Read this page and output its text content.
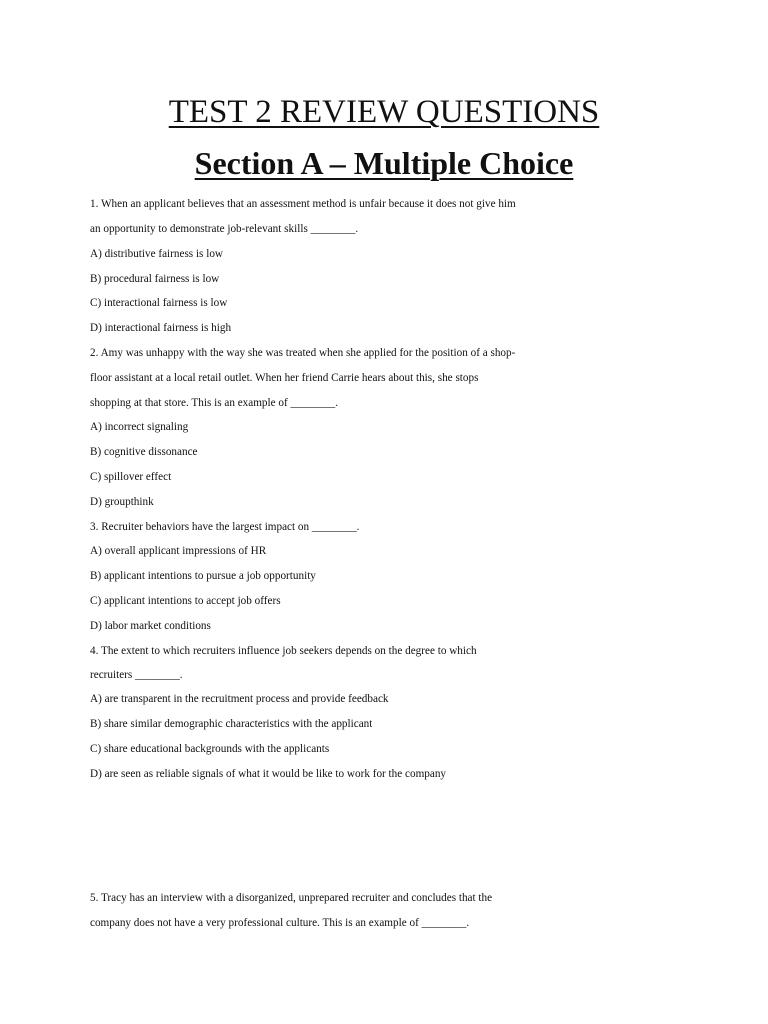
TEST 2 REVIEW QUESTIONS
Section A – Multiple Choice
1. When an applicant believes that an assessment method is unfair because it does not give him
an opportunity to demonstrate job-relevant skills ________.
A) distributive fairness is low
B) procedural fairness is low
C) interactional fairness is low
D) interactional fairness is high
2. Amy was unhappy with the way she was treated when she applied for the position of a shop-
floor assistant at a local retail outlet. When her friend Carrie hears about this, she stops
shopping at that store. This is an example of ________.
A) incorrect signaling
B) cognitive dissonance
C) spillover effect
D) groupthink
3. Recruiter behaviors have the largest impact on ________.
A) overall applicant impressions of HR
B) applicant intentions to pursue a job opportunity
C) applicant intentions to accept job offers
D) labor market conditions
4. The extent to which recruiters influence job seekers depends on the degree to which
recruiters ________.
A) are transparent in the recruitment process and provide feedback
B) share similar demographic characteristics with the applicant
C) share educational backgrounds with the applicants
D) are seen as reliable signals of what it would be like to work for the company
5. Tracy has an interview with a disorganized, unprepared recruiter and concludes that the
company does not have a very professional culture. This is an example of ________.
